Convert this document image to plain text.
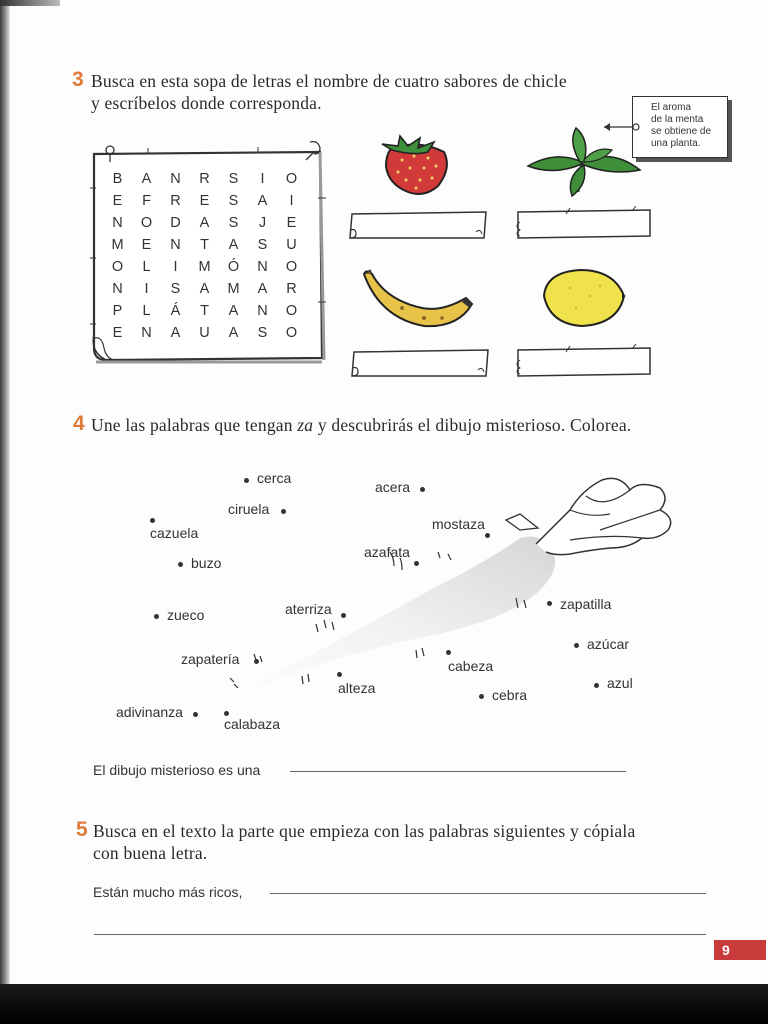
3 Busca en esta sopa de letras el nombre de cuatro sabores de chicle
y escríbelos donde corresponda.
B	A	N	R	S	I	O
E	F	R	E	S	A	I
N	O	D	A	S	J	E
M	E	N	T	A	S	U
O	L	I	M	Ó	N	O
N	I	S	A	M	A	R
P	L	Á	T	A	N	O
E	N	A	U	A	S	O
El aroma
de la menta
se obtiene de
una planta.
4 Une las palabras que tengan za y descubrirás el dibujo misterioso. Colorea.
cerca
acera
ciruela
cazuela
mostaza
azafata
buzo
zapatilla
zueco	aterriza
azúcar
zapatería	cabeza
azul
alteza	cebra
adivinanza
calabaza
El dibujo misterioso es una
5 Busca en el texto la parte que empieza con las palabras siguientes y cópiala
con buena letra.
Están mucho más ricos,
9
